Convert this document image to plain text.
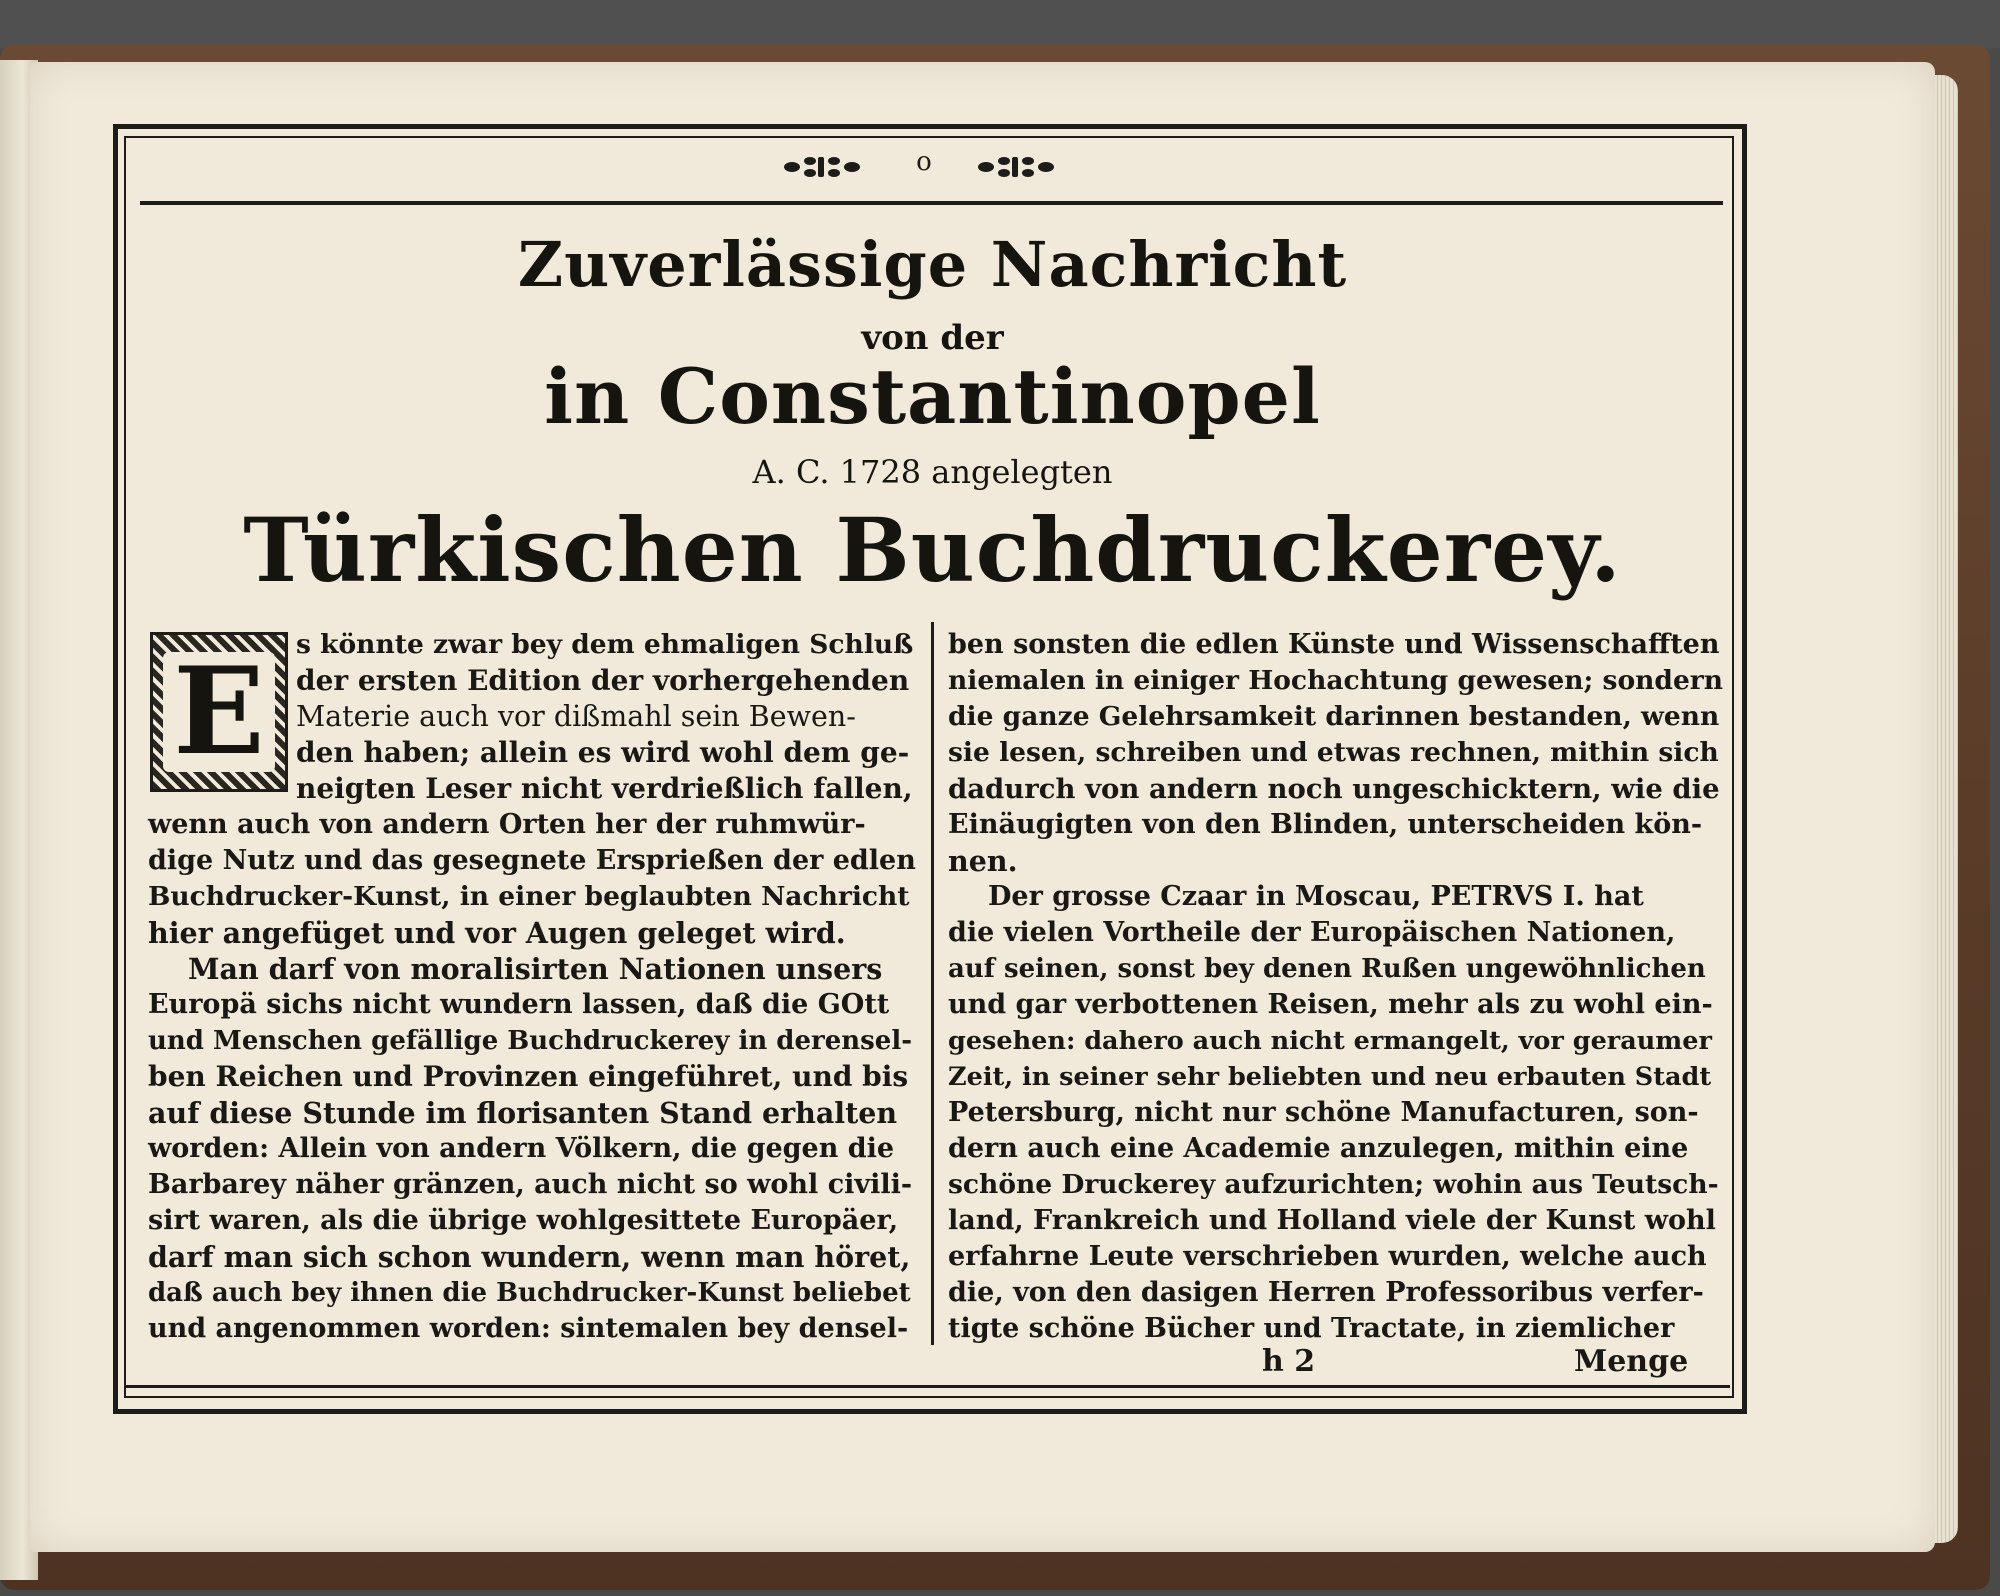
o
Zuverlässige Nachricht
von der
in Constantinopel
A. C. 1728 angelegten
Türkischen Buchdruckerey.
E	s könnte zwar bey dem ehmaligen Schluß
der ersten Edition der vorhergehenden
Materie auch vor dißmahl sein Bewen-
den haben; allein es wird wohl dem ge-
neigten Leser nicht verdrießlich fallen,
wenn auch von andern Orten her der ruhmwür-
dige Nutz und das gesegnete Ersprießen der edlen
Buchdrucker-Kunst, in einer beglaubten Nachricht
hier angefüget und vor Augen geleget wird.
Man darf von moralisirten Nationen unsers
Europä sichs nicht wundern lassen, daß die GOtt
und Menschen gefällige Buchdruckerey in derensel-
ben Reichen und Provinzen eingeführet, und bis
auf diese Stunde im florisanten Stand erhalten
worden: Allein von andern Völkern, die gegen die
Barbarey näher gränzen, auch nicht so wohl civili-
sirt waren, als die übrige wohlgesittete Europäer,
darf man sich schon wundern, wenn man höret,
daß auch bey ihnen die Buchdrucker-Kunst beliebet
und angenommen worden: sintemalen bey densel-
ben sonsten die edlen Künste und Wissenschafften
niemalen in einiger Hochachtung gewesen; sondern
die ganze Gelehrsamkeit darinnen bestanden, wenn
sie lesen, schreiben und etwas rechnen, mithin sich
dadurch von andern noch ungeschicktern, wie die
Einäugigten von den Blinden, unterscheiden kön-
nen.
Der grosse Czaar in Moscau, PETRVS I. hat
die vielen Vortheile der Europäischen Nationen,
auf seinen, sonst bey denen Rußen ungewöhnlichen
und gar verbottenen Reisen, mehr als zu wohl ein-
gesehen: dahero auch nicht ermangelt, vor geraumer
Zeit, in seiner sehr beliebten und neu erbauten Stadt
Petersburg, nicht nur schöne Manufacturen, son-
dern auch eine Academie anzulegen, mithin eine
schöne Druckerey aufzurichten; wohin aus Teutsch-
land, Frankreich und Holland viele der Kunst wohl
erfahrne Leute verschrieben wurden, welche auch
die, von den dasigen Herren Professoribus verfer-
tigte schöne Bücher und Tractate, in ziemlicher
h 2	Menge
